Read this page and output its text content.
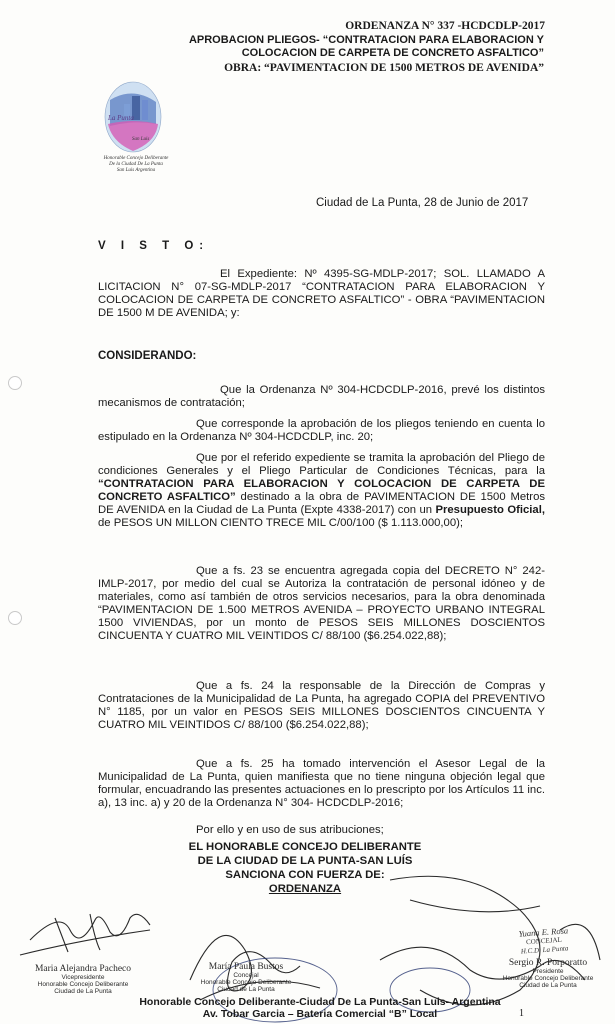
ORDENANZA N° 337 -HCDCDLP-2017
APROBACION PLIEGOS- “CONTRATACION PARA ELABORACION Y
COLOCACION DE CARPETA DE CONCRETO ASFALTICO”
OBRA: “PAVIMENTACION DE 1500 METROS DE AVENIDA”
La Punta
San Luis
Honorable Concejo Deliberante
De la Ciudad De La Punta
San Luis Argentina
Ciudad de La Punta, 28 de Junio de 2017
V I S T O:
El Expediente: Nº 4395-SG-MDLP-2017; SOL. LLAMADO A LICITACION N° 07-SG-MDLP-2017 “CONTRATACION PARA ELABORACION Y COLOCACION DE CARPETA DE CONCRETO ASFALTICO” - OBRA “PAVIMENTACION DE 1500 M DE AVENIDA; y:
CONSIDERANDO:
Que la Ordenanza Nº 304-HCDCDLP-2016, prevé los distintos mecanismos de contratación;
Que corresponde la aprobación de los pliegos teniendo en cuenta lo estipulado en la Ordenanza Nº 304-HCDCDLP, inc. 20;
Que por el referido expediente se tramita la aprobación del Pliego de condiciones Generales y el Pliego Particular de Condiciones Técnicas, para la “CONTRATACION PARA ELABORACION Y COLOCACION DE CARPETA DE CONCRETO ASFALTICO” destinado a la obra de PAVIMENTACION DE 1500 Metros DE AVENIDA en la Ciudad de La Punta (Expte 4338-2017) con un Presupuesto Oficial, de PESOS UN MILLON CIENTO TRECE MIL C/00/100 ($ 1.113.000,00);
Que a fs. 23 se encuentra agregada copia del DECRETO N° 242-IMLP-2017, por medio del cual se Autoriza la contratación de personal idóneo y de materiales, como así también de otros servicios necesarios, para la obra denominada “PAVIMENTACION DE 1.500 METROS AVENIDA – PROYECTO URBANO INTEGRAL 1500 VIVIENDAS, por un monto de PESOS SEIS MILLONES DOSCIENTOS CINCUENTA Y CUATRO MIL VEINTIDOS C/ 88/100 ($6.254.022,88);
Que a fs. 24 la responsable de la Dirección de Compras y Contrataciones de la Municipalidad de La Punta, ha agregado COPIA del PREVENTIVO N° 1185, por un valor en PESOS SEIS MILLONES DOSCIENTOS CINCUENTA Y CUATRO MIL VEINTIDOS C/ 88/100 ($6.254.022,88);
Que a fs. 25 ha tomado intervención el Asesor Legal de la Municipalidad de La Punta, quien manifiesta que no tiene ninguna objeción legal que formular, encuadrando las presentes actuaciones en lo prescripto por los Artículos 11 inc. a), 13 inc. a) y 20 de la Ordenanza N° 304- HCDCDLP-2016;
Por ello y en uso de sus atribuciones;
EL HONORABLE CONCEJO DELIBERANTE
DE LA CIUDAD DE LA PUNTA-SAN LUÍS
SANCIONA CON FUERZA DE:
ORDENANZA
Yuana E. Rosa
CONCEJAL
H.C.D. La Punta
Maria Alejandra Pacheco
Vicepresidente
Honorable Concejo Deliberante
Ciudad de La Punta
María Paula Bustos
Concejal
Honorable Concejo Deliberante
Ciudad de La Punta
Sergio R. Porporatto
Presidente
Honorable Concejo Deliberante
Ciudad de La Punta
Honorable Concejo Deliberante-Ciudad De La Punta-San Luis- Argentina
Av. Tobar Garcia – Bateria Comercial “B” Local	1
